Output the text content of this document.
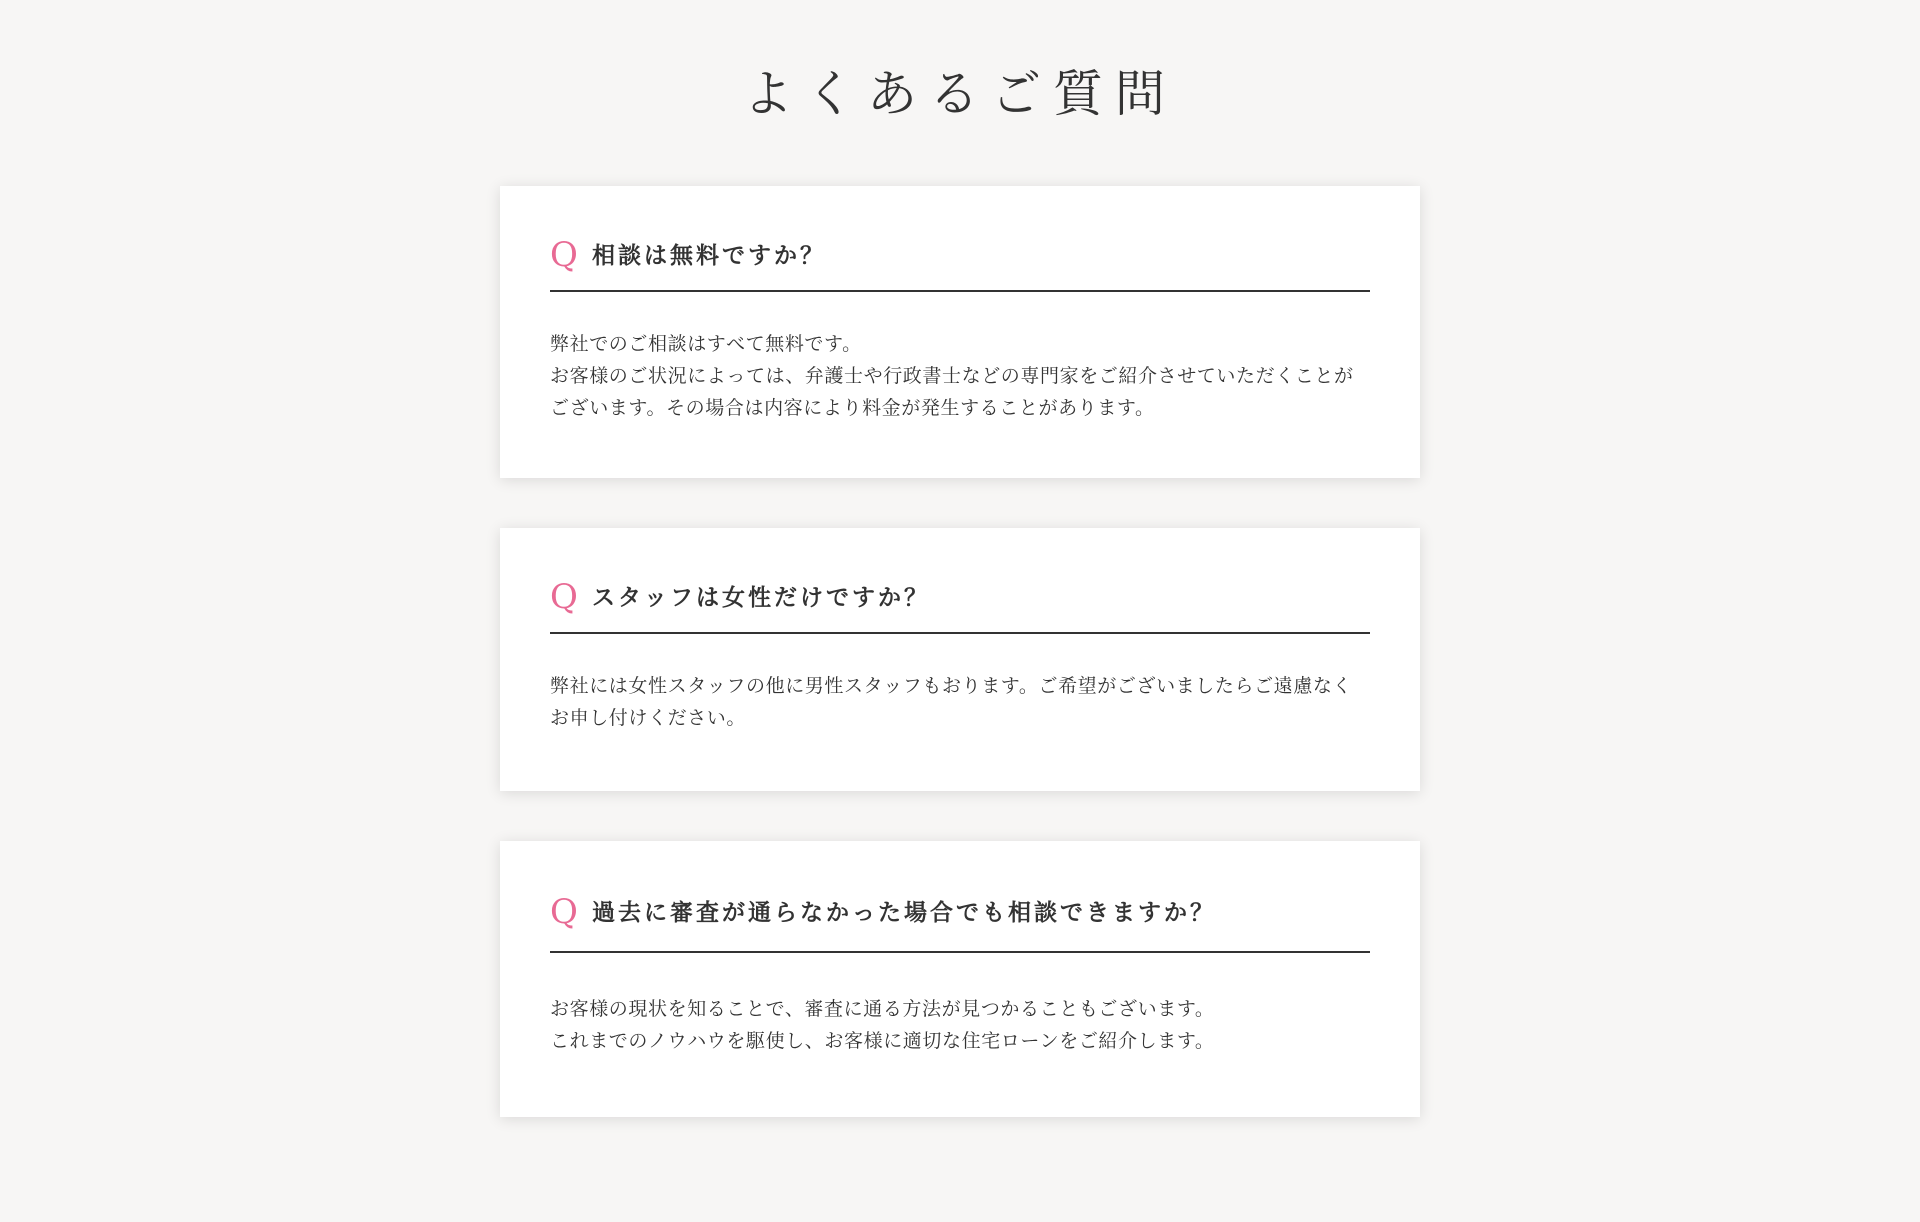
よくあるご質問
Q 相談は無料ですか？

弊社でのご相談はすべて無料です。

お客様のご状況によっては、弁護士や行政書士などの専門家をご紹介させていただくことがございます。その場合は内容により料金が発生することがあります。

Q スタッフは女性だけですか？

弊社には女性スタッフの他に男性スタッフもおります。ご希望がございましたらご遠慮なくお申し付けください。

Q 過去に審査が通らなかった場合でも相談できますか？

お客様の現状を知ることで、審査に通る方法が見つかることもございます。

これまでのノウハウを駆使し、お客様に適切な住宅ローンをご紹介します。
